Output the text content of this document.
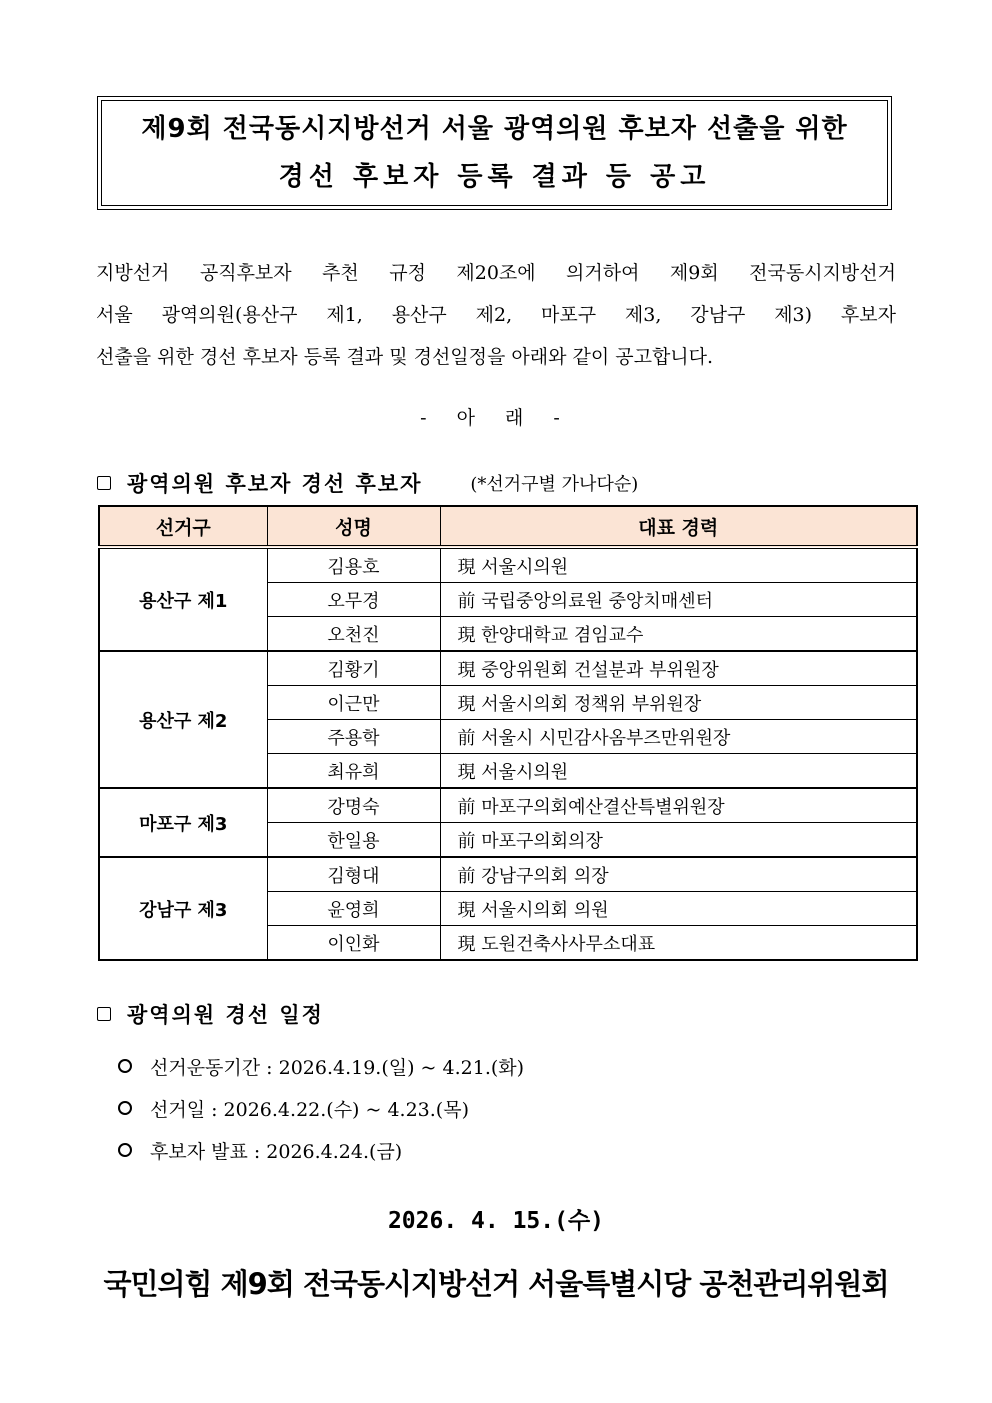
제9회 전국동시지방선거 서울 광역의원 후보자 선출을 위한
경선 후보자 등록 결과 등 공고
지방선거 공직후보자 추천 규정 제20조에 의거하여 제9회 전국동시지방선거
서울 광역의원(용산구 제1, 용산구 제2, 마포구 제3, 강남구 제3) 후보자
선출을 위한 경선 후보자 등록 결과 및 경선일정을 아래와 같이 공고합니다.
- 아 래 -
광역의원 후보자 경선 후보자	(*선거구별 가나다순)
선거구	성명	대표 경력
용산구 제1	김용호	現 서울시의원
	오무경	前 국립중앙의료원 중앙치매센터
	오천진	現 한양대학교 겸임교수
용산구 제2	김황기	現 중앙위원회 건설분과 부위원장
	이근만	現 서울시의회 정책위 부위원장
	주용학	前 서울시 시민감사옴부즈만위원장
	최유희	現 서울시의원
마포구 제3	강명숙	前 마포구의회예산결산특별위원장
	한일용	前 마포구의회의장
강남구 제3	김형대	前 강남구의회 의장
	윤영희	現 서울시의회 의원
	이인화	現 도원건축사사무소대표
광역의원 경선 일정
선거운동기간 : 2026.4.19.(일) ~ 4.21.(화)
선거일 : 2026.4.22.(수) ~ 4.23.(목)
후보자 발표 : 2026.4.24.(금)
2026. 4. 15.(수)
국민의힘 제9회 전국동시지방선거 서울특별시당 공천관리위원회
